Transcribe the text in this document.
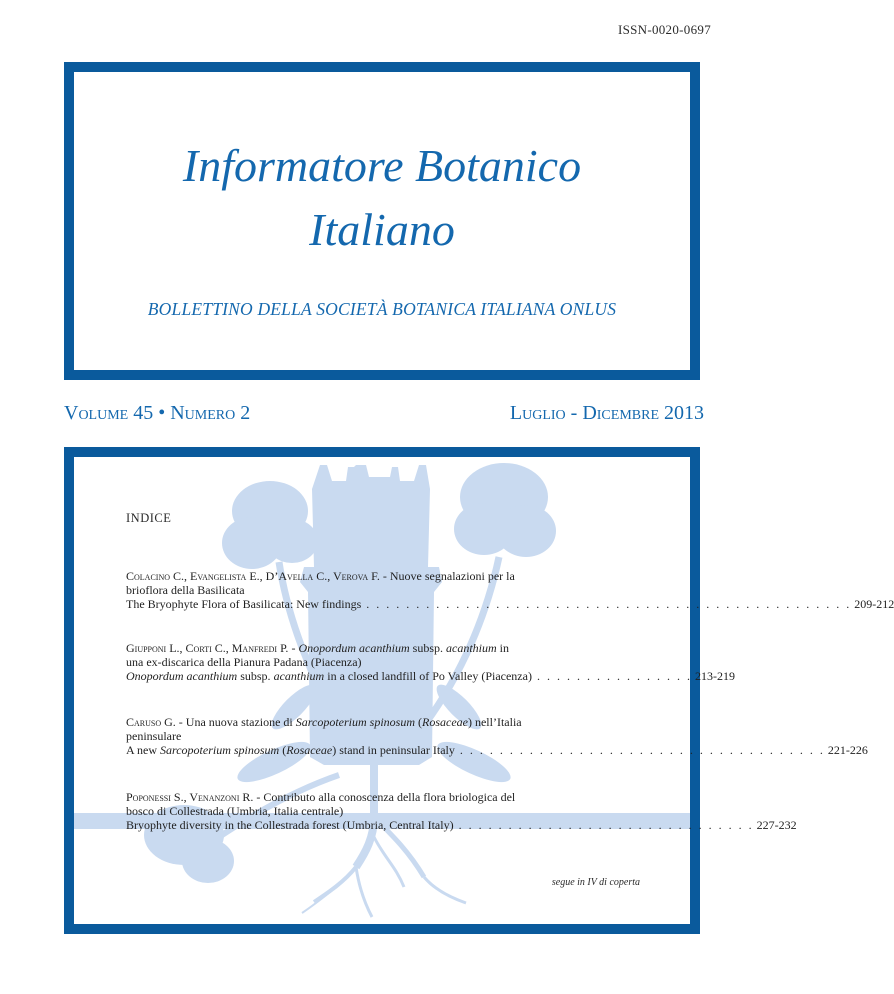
ISSN-0020-0697
Informatore Botanico
Italiano
BOLLETTINO DELLA SOCIETÀ BOTANICA ITALIANA ONLUS
Volume 45 • Numero 2	Luglio - Dicembre 2013
INDICE

Colacino C., Evangelista E., D’Avella C., Verova F. - Nuove segnalazioni per la

brioflora della Basilicata

The Bryophyte Flora of Basilicata: New findings . . . . . . . . . . . . . . . . . . . . . . . . . . . . . . . . . . . . . . . . . . . . . . . . . 209-212

Giupponi L., Corti C., Manfredi P. - Onopordum acanthium subsp. acanthium in

una ex-discarica della Pianura Padana (Piacenza)

Onopordum acanthium subsp. acanthium in a closed landfill of Po Valley (Piacenza) . . . . . . . . . . . . . . . . 213-219

Caruso G. - Una nuova stazione di Sarcopoterium spinosum (Rosaceae) nell’Italia

peninsulare

A new Sarcopoterium spinosum (Rosaceae) stand in peninsular Italy . . . . . . . . . . . . . . . . . . . . . . . . . . . . . . . . . . . . . 221-226

Poponessi S., Venanzoni R. - Contributo alla conoscenza della flora briologica del

bosco di Collestrada (Umbria, Italia centrale)

Bryophyte diversity in the Collestrada forest (Umbria, Central Italy) . . . . . . . . . . . . . . . . . . . . . . . . . . . . . . 227-232
segue in IV di coperta
